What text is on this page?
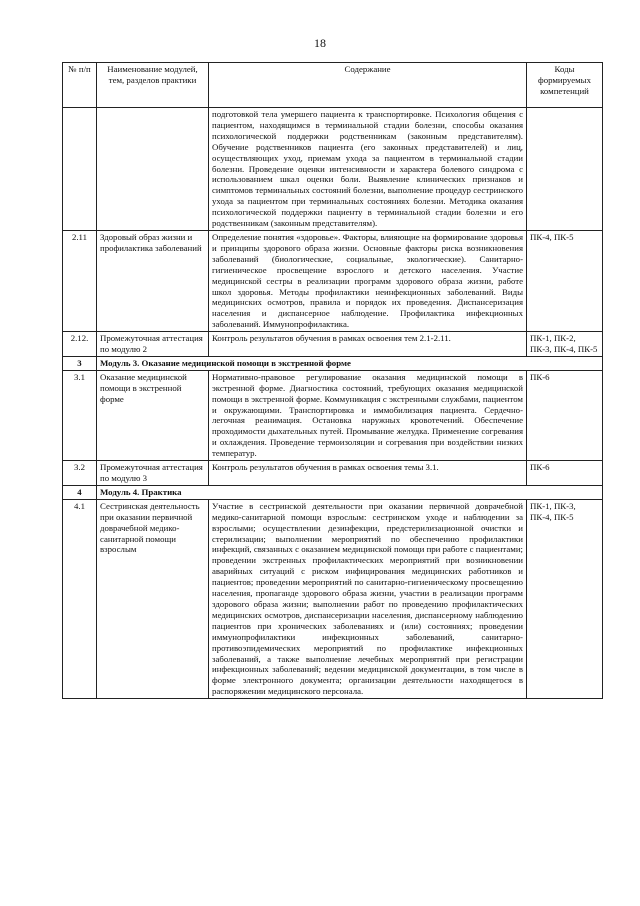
18
№ п/п	Наименование модулей, тем, разделов практики	Содержание	Коды формируемых компетенций
		подготовкой тела умершего пациента к транспортировке. Психология общения с пациентом, находящимся в терминальной стадии болезни, способы оказания психологической поддержки родственникам (законным представителям). Обучение родственников пациента (его законных представителей) и лиц, осуществляющих уход, приемам ухода за пациентом в терминальной стадии болезни. Проведение оценки интенсивности и характера болевого синдрома с использованием шкал оценки боли. Выявление клинических признаков и симптомов терминальных состояний болезни, выполнение процедур сестринского ухода за пациентом при терминальных состояниях болезни. Методика оказания психологической поддержки пациенту в терминальной стадии болезни и его родственникам (законным представителям).	
2.11	Здоровый образ жизни и профилактика заболеваний	Определение понятия «здоровье». Факторы, влияющие на формирование здоровья и принципы здорового образа жизни. Основные факторы риска возникновения заболеваний (биологические, социальные, экологические). Санитарно-гигиеническое просвещение взрослого и детского населения. Участие медицинской сестры в реализации программ здорового образа жизни, работе школ здоровья. Методы профилактики неинфекционных заболеваний. Виды медицинских осмотров, правила и порядок их проведения. Диспансеризация населения и диспансерное наблюдение. Профилактика инфекционных заболеваний. Иммунопрофилактика.	ПК-4, ПК-5
2.12.	Промежуточная аттестация по модулю 2	Контроль результатов обучения в рамках освоения тем 2.1-2.11.	ПК-1, ПК-2, ПК-3, ПК-4, ПК-5
3	Модуль 3. Оказание медицинской помощи в экстренной форме		
3.1	Оказание медицинской помощи в экстренной форме	Нормативно-правовое регулирование оказания медицинской помощи в экстренной форме. Диагностика состояний, требующих оказания медицинской помощи в экстренной форме. Коммуникация с экстренными службами, пациентом и окружающими. Транспортировка и иммобилизация пациента. Сердечно-легочная реанимация. Остановка наружных кровотечений. Обеспечение проходимости дыхательных путей. Промывание желудка. Применение согревания и охлаждения. Проведение термоизоляции и согревания при воздействии низких температур.	ПК-6
3.2	Промежуточная аттестация по модулю 3	Контроль результатов обучения в рамках освоения темы 3.1.	ПК-6
4	Модуль 4. Практика		
4.1	Сестринская деятельность при оказании первичной доврачебной медико-санитарной помощи взрослым	Участие в сестринской деятельности при оказании первичной доврачебной медико-санитарной помощи взрослым: сестринском уходе и наблюдении за взрослыми; осуществлении дезинфекции, предстерилизационной очистки и стерилизации; выполнении мероприятий по обеспечению профилактики инфекций, связанных с оказанием медицинской помощи при работе с пациентами; проведении экстренных профилактических мероприятий при возникновении аварийных ситуаций с риском инфицирования медицинских работников и пациентов; проведении мероприятий по санитарно-гигиеническому просвещению населения, пропаганде здорового образа жизни, участии в реализации программ здорового образа жизни; выполнении работ по проведению профилактических медицинских осмотров, диспансеризации населения, диспансерному наблюдению пациентов при хронических заболеваниях и (или) состояниях; проведении иммунопрофилактики инфекционных заболеваний, санитарно-противоэпидемических мероприятий по профилактике инфекционных заболеваний, а также выполнение лечебных мероприятий при регистрации инфекционных заболеваний; ведении медицинской документации, в том числе в форме электронного документа; организации деятельности находящегося в распоряжении медицинского персонала.	ПК-1, ПК-3, ПК-4, ПК-5
